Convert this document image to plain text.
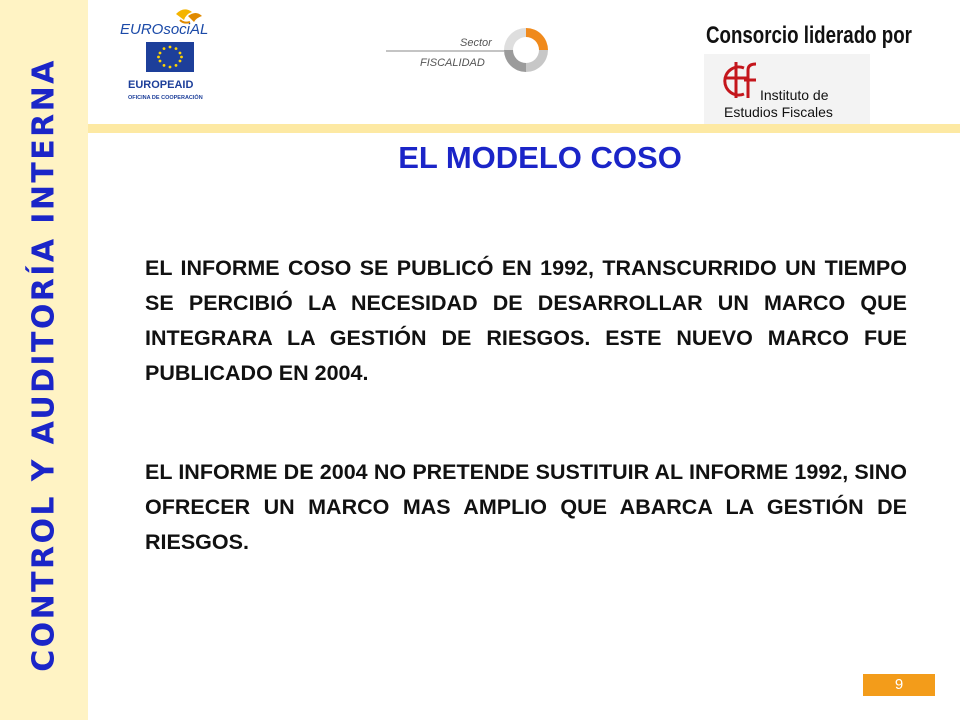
CONTROL Y AUDITORÍA INTERNA
EUROsociAL
EUROPEAID
OFICINA DE COOPERACIÓN
Sector
FISCALIDAD
Consorcio liderado por
Instituto de
Estudios Fiscales
EL MODELO COSO

EL INFORME COSO SE PUBLICÓ EN 1992, TRANSCURRIDO UN TIEMPO SE PERCIBIÓ LA NECESIDAD DE DESARROLLAR UN MARCO QUE INTEGRARA LA GESTIÓN DE RIESGOS. ESTE NUEVO MARCO FUE PUBLICADO EN 2004.

EL INFORME DE 2004 NO PRETENDE SUSTITUIR AL INFORME 1992, SINO OFRECER UN MARCO MAS AMPLIO QUE ABARCA LA GESTIÓN DE RIESGOS.

9
